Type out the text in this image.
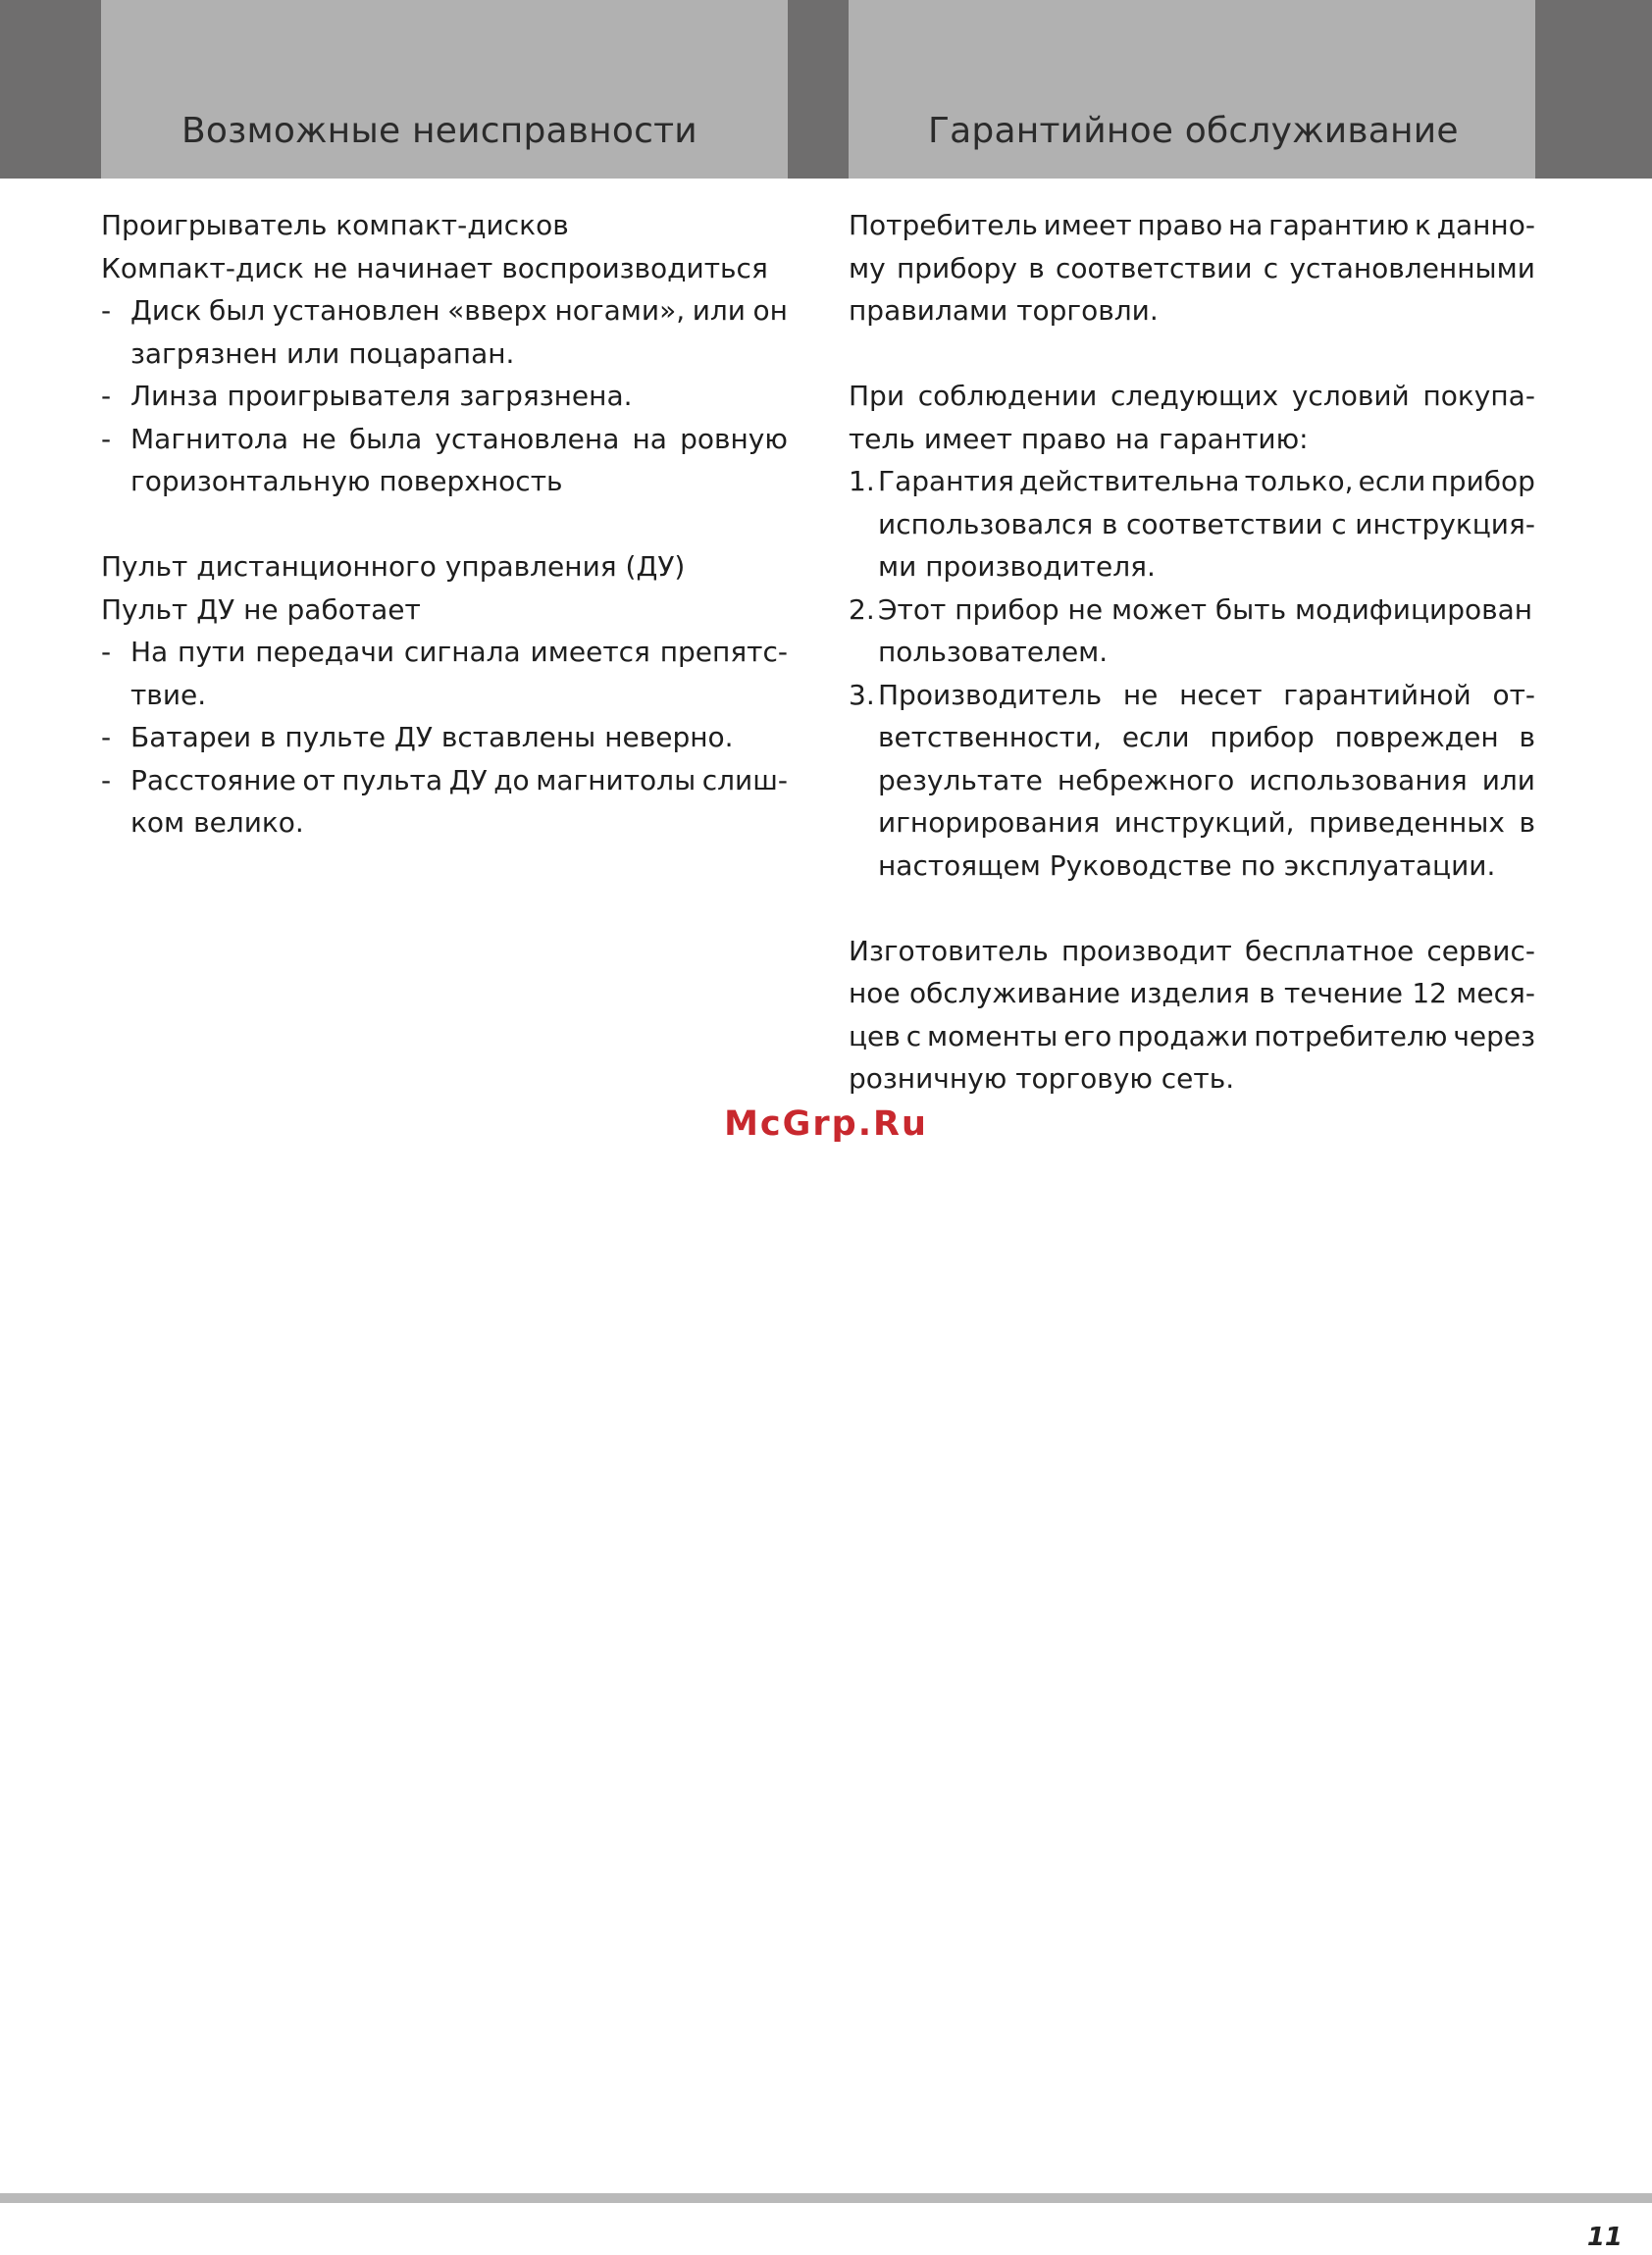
Возможные неисправности	Гарантийное обслуживание
Проигрыватель компакт-дисков
Компакт-диск не начинает воспроизводиться
- Диск был установлен «вверх ногами», или он
загрязнен или поцарапан.
- Линза проигрывателя загрязнена.
- Магнитола не была установлена на ровную
горизонтальную поверхность
Пульт дистанционного управления (ДУ)
Пульт ДУ не работает
- На пути передачи сигнала имеется препятс-
твие.
- Батареи в пульте ДУ вставлены неверно.
- Расстояние от пульта ДУ до магнитолы слиш-
ком велико.
Потребитель имеет право на гарантию к данно-
му прибору в соответствии с установленными
правилами торговли.
При соблюдении следующих условий покупа-
тель имеет право на гарантию:
1. Гарантия действительна только, если прибор
использовался в соответствии с инструкция-
ми производителя.
2. Этот прибор не может быть модифицирован
пользователем.
3. Производитель не несет гарантийной от-
ветственности, если прибор поврежден в
результате небрежного использования или
игнорирования инструкций, приведенных в
настоящем Руководстве по эксплуатации.
Изготовитель производит бесплатное сервис-
ное обслуживание изделия в течение 12 меся-
цев с моменты его продажи потребителю через
розничную торговую сеть.
McGrp.Ru
11
